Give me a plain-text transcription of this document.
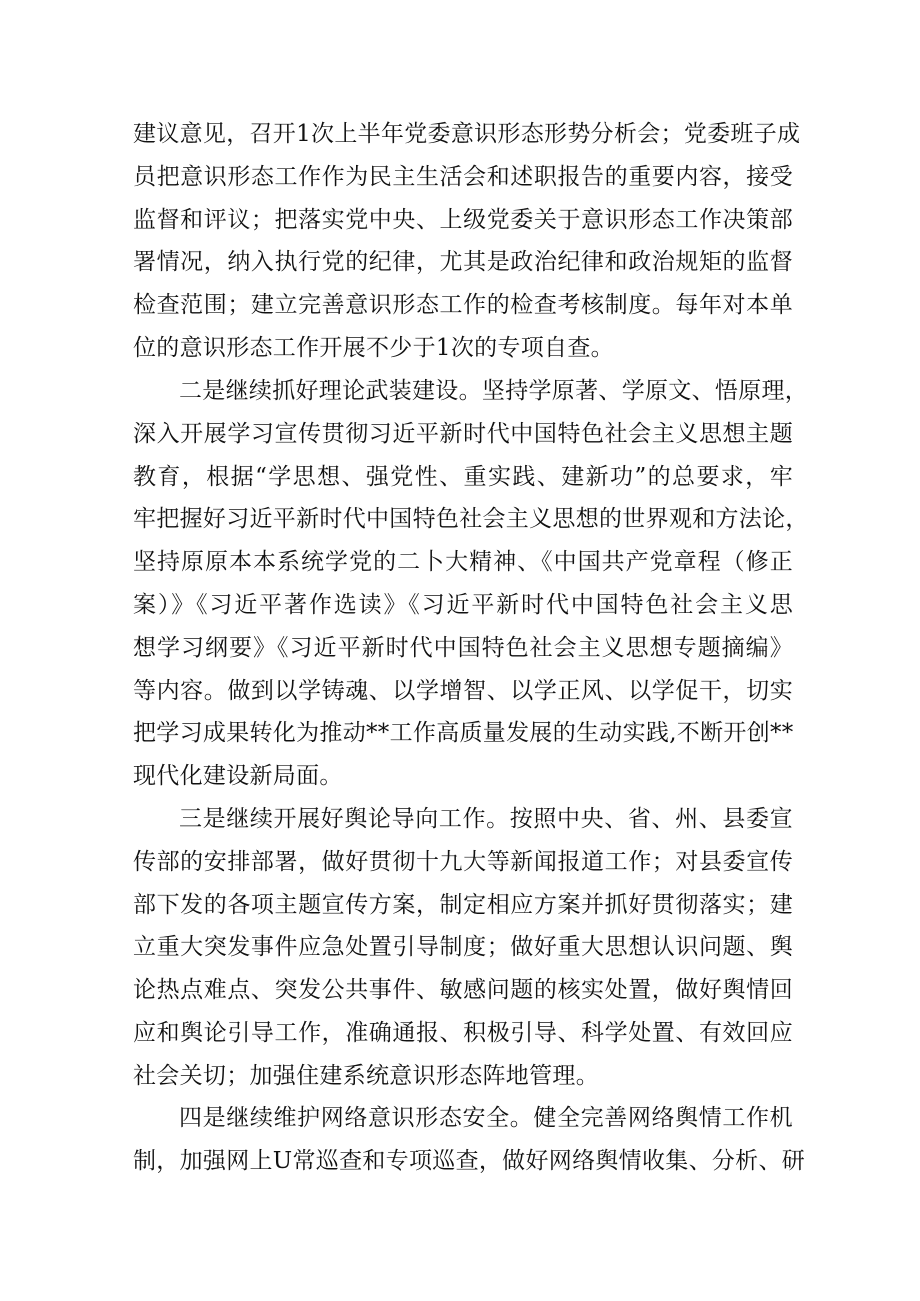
建议意见，召开1次上半年党委意识形态形势分析会；党委班子成
员把意识形态工作作为民主生活会和述职报告的重要内容，接受
监督和评议；把落实党中央、上级党委关于意识形态工作决策部
署情况，纳入执行党的纪律，尤其是政治纪律和政治规矩的监督
检查范围；建立完善意识形态工作的检查考核制度。每年对本单
位的意识形态工作开展不少于1次的专项自查。
二是继续抓好理论武装建设。坚持学原著、学原文、悟原理，
深入开展学习宣传贯彻习近平新时代中国特色社会主义思想主题
教育，根据“学思想、强党性、重实践、建新功”的总要求，牢
牢把握好习近平新时代中国特色社会主义思想的世界观和方法论，
坚持原原本本系统学党的二卜大精神、《中国共产党章程（修正
案）》《习近平著作选读》《习近平新时代中国特色社会主义思
想学习纲要》《习近平新时代中国特色社会主义思想专题摘编》
等内容。做到以学铸魂、以学增智、以学正风、以学促干，切实
把学习成果转化为推动**工作高质量发展的生动实践,不断开创**
现代化建设新局面。
三是继续开展好舆论导向工作。按照中央、省、州、县委宣
传部的安排部署，做好贯彻十九大等新闻报道工作；对县委宣传
部下发的各项主题宣传方案，制定相应方案并抓好贯彻落实；建
立重大突发事件应急处置引导制度；做好重大思想认识问题、舆
论热点难点、突发公共事件、敏感问题的核实处置，做好舆情回
应和舆论引导工作，准确通报、积极引导、科学处置、有效回应
社会关切；加强住建系统意识形态阵地管理。
四是继续维护网络意识形态安全。健全完善网络舆情工作机
制，加强网上U常巡查和专项巡查，做好网络舆情收集、分析、研
